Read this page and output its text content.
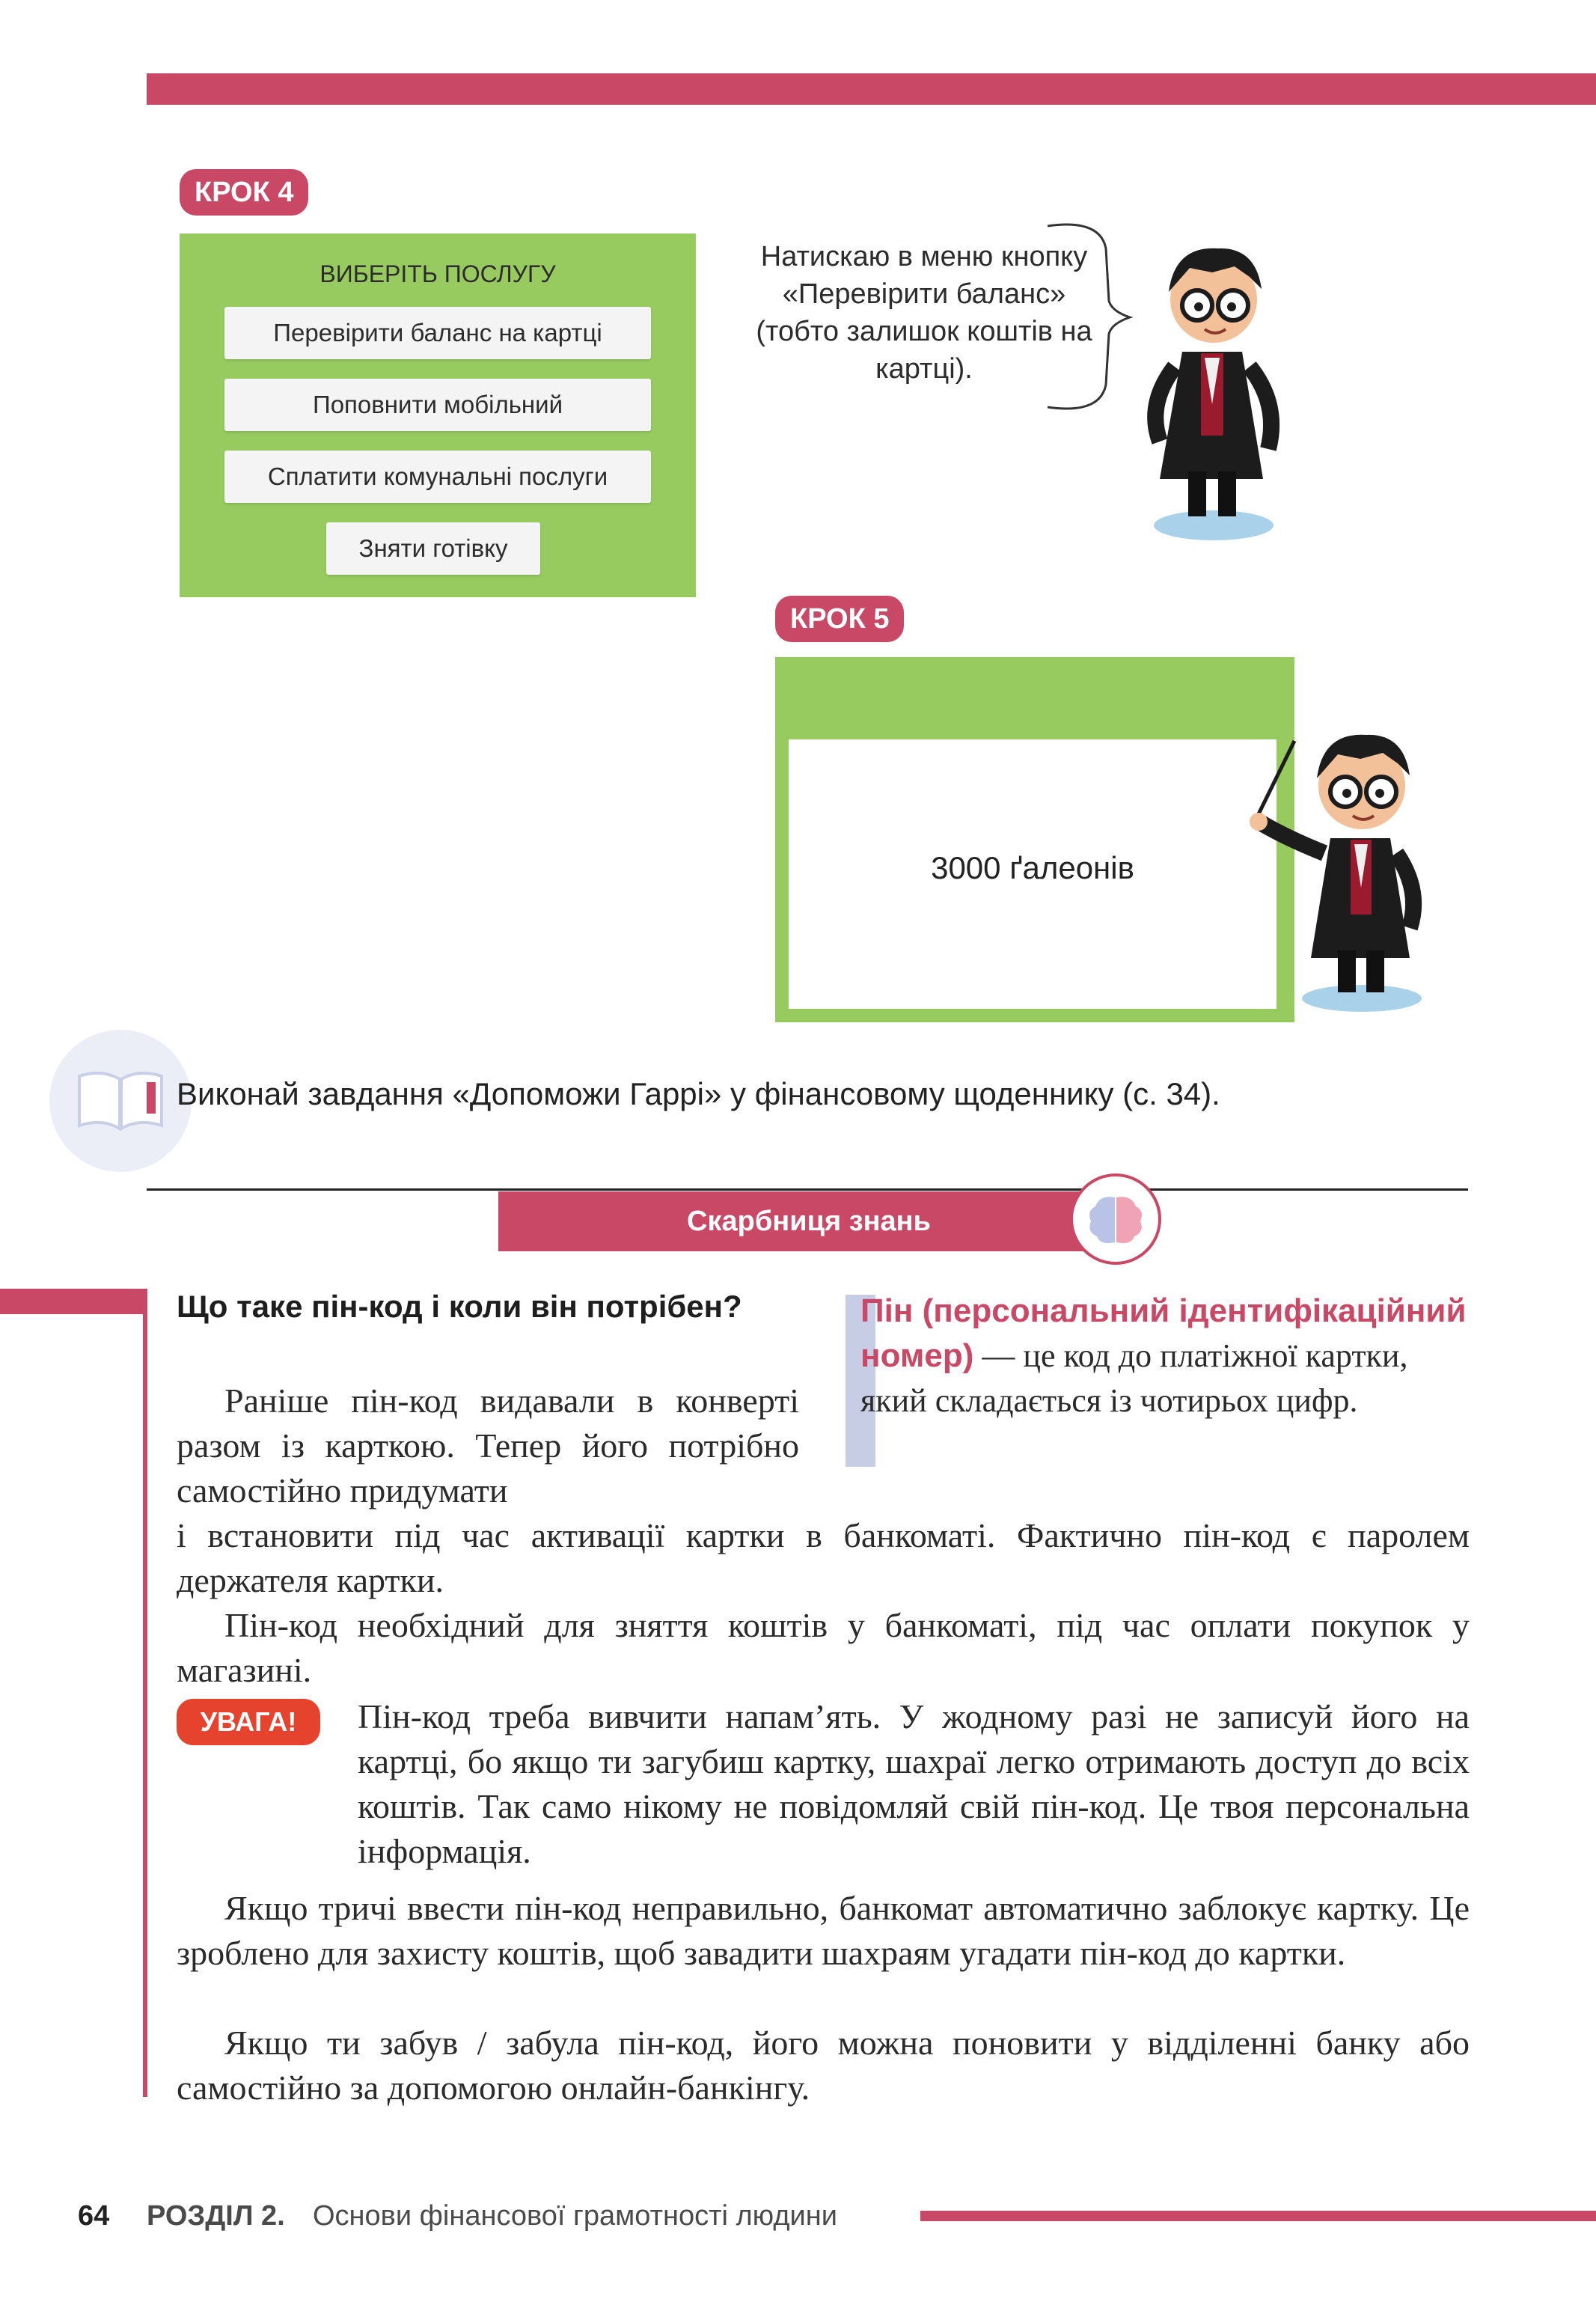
КРОК 4
ВИБЕРІТЬ ПОСЛУГУ
Перевірити баланс на картці
Поповнити мобільний
Сплатити комунальні послуги
Зняти готівку
Натискаю в меню кнопку «Перевірити баланс» (тобто залишок коштів на картці).
КРОК 5
3000 ґалеонів
Виконай завдання «Допоможи Гаррі» у фінансовому щоденнику (с. 34).
Скарбниця знань
Що таке пін-код і коли він потрібен?	Пін (персональний ідентифікаційний номер) — це код до платіжної картки, який складається із чотирьох цифр.
Раніше пін-код видавали в конверті разом із карткою. Тепер його потрібно самостійно придумати
і встановити під час активації картки в банкоматі. Фактично пін-код є паролем держателя картки.
Пін-код необхідний для зняття коштів у банкоматі, під час оплати покупок у магазині.
УВАГА!	Пін-код треба вивчити напам’ять. У жодному разі не записуй його на картці, бо якщо ти загубиш картку, шахраї легко отримають доступ до всіх коштів. Так само нікому не повідомляй свій пін-код. Це твоя персональна інформація.
Якщо тричі ввести пін-код неправильно, банкомат автоматично заблокує картку. Це зроблено для захисту коштів, щоб завадити шахраям угадати пін-код до картки.
Якщо ти забув / забула пін-код, його можна поновити у відділенні банку або самостійно за допомогою онлайн-банкінгу.
64 РОЗДІЛ 2. Основи фінансової грамотності людини
